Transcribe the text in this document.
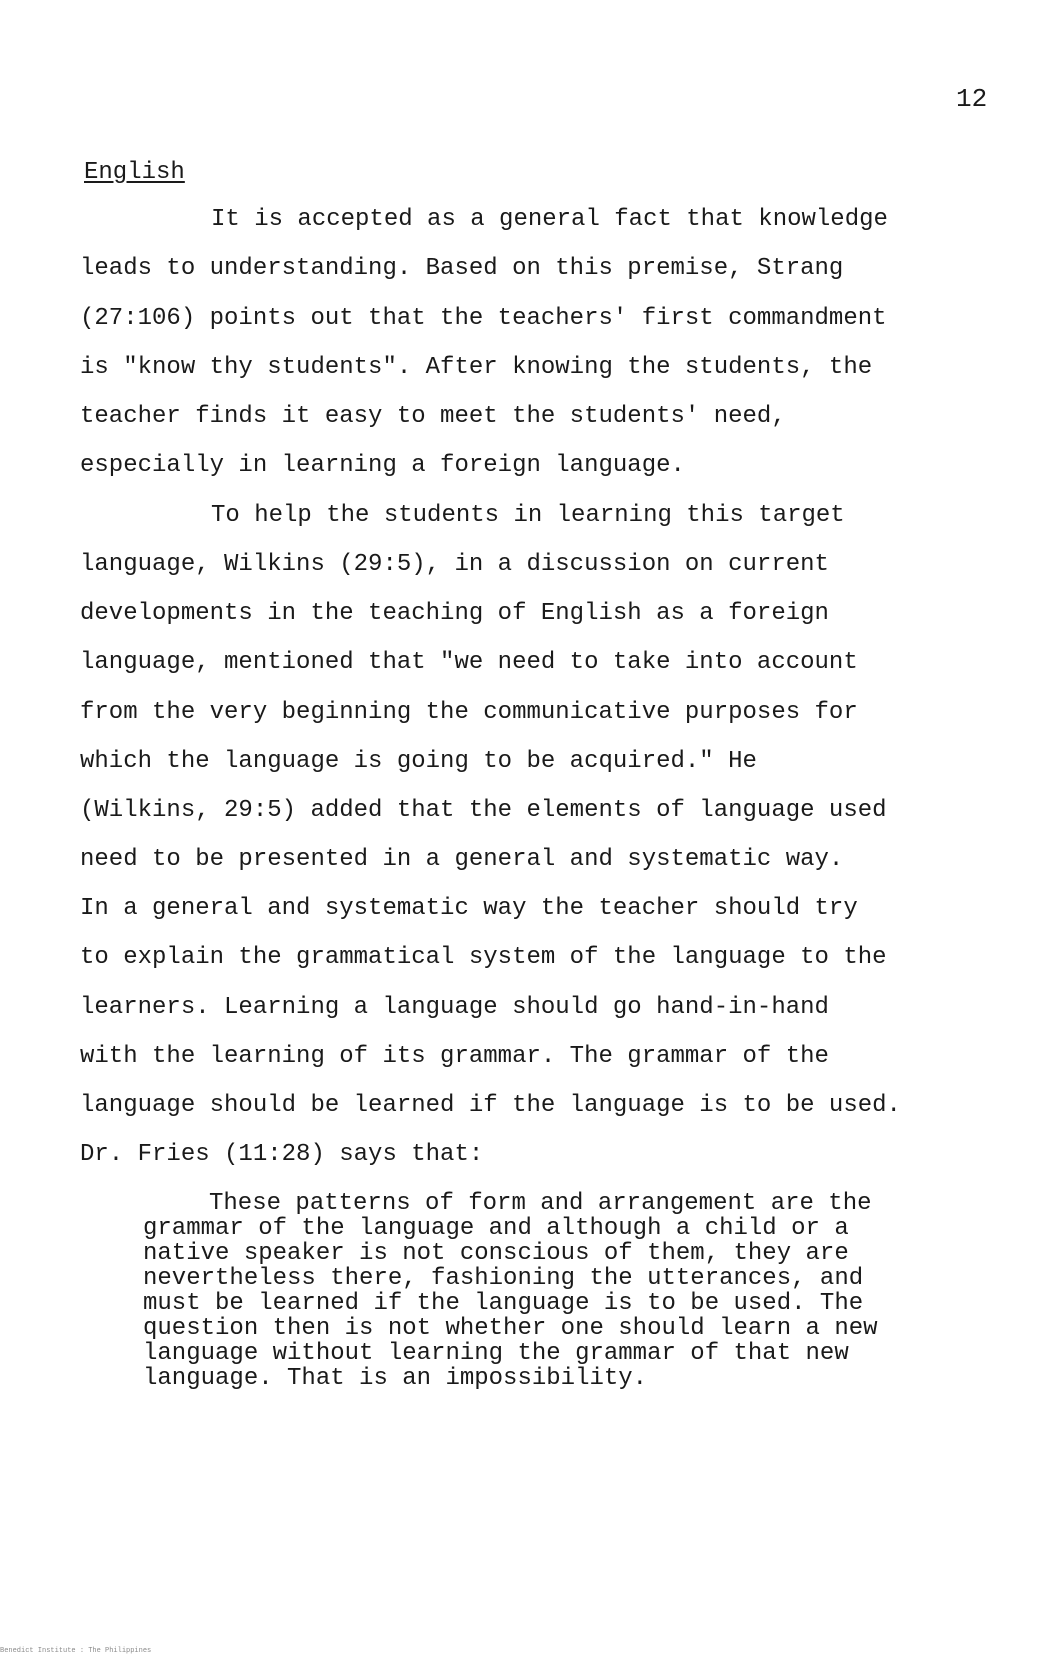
12
English
It is accepted as a general fact that knowledge
leads to understanding. Based on this premise, Strang
(27:106) points out that the teachers' first commandment
is "know thy students". After knowing the students, the
teacher finds it easy to meet the students' need,
especially in learning a foreign language.
To help the students in learning this target
language, Wilkins (29:5), in a discussion on current
developments in the teaching of English as a foreign
language, mentioned that "we need to take into account
from the very beginning the communicative purposes for
which the language is going to be acquired." He
(Wilkins, 29:5) added that the elements of language used
need to be presented in a general and systematic way.
In a general and systematic way the teacher should try
to explain the grammatical system of the language to the
learners. Learning a language should go hand-in-hand
with the learning of its grammar. The grammar of the
language should be learned if the language is to be used.
Dr. Fries (11:28) says that:
These patterns of form and arrangement are the
grammar of the language and although a child or a
native speaker is not conscious of them, they are
nevertheless there, fashioning the utterances, and
must be learned if the language is to be used. The
question then is not whether one should learn a new
language without learning the grammar of that new
language. That is an impossibility.
Benedict Institute : The Philippines
